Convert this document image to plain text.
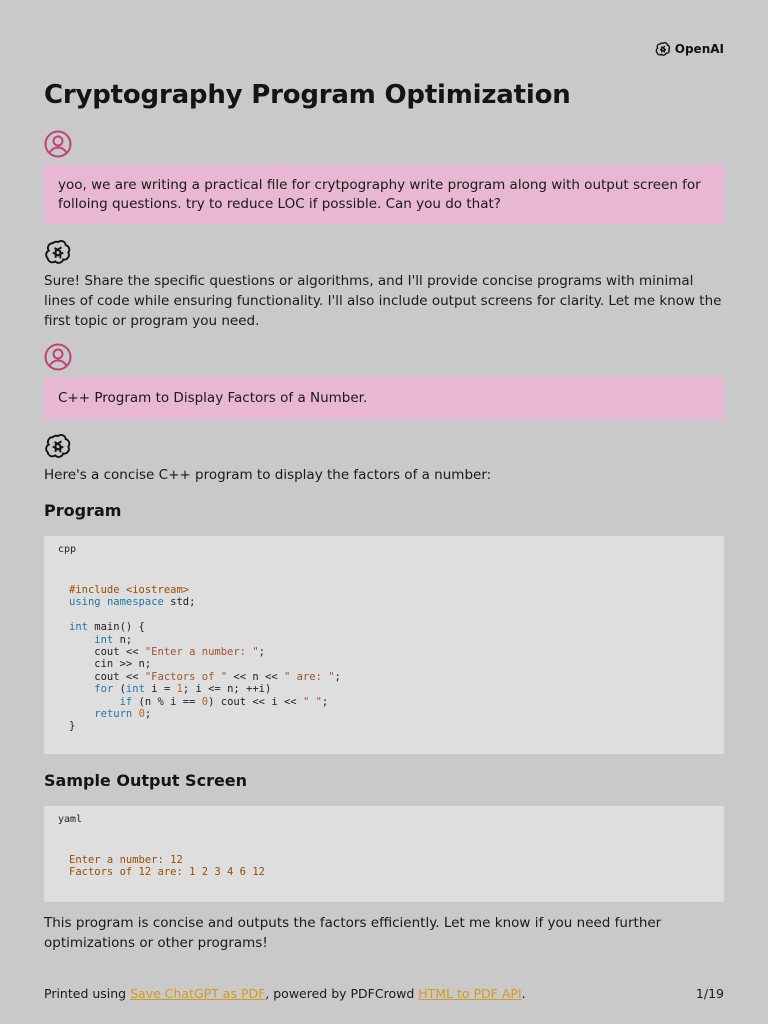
OpenAI
Cryptography Program Optimization
yoo, we are writing a practical file for crytpography write program along with output screen for folloing questions. try to reduce LOC if possible. Can you do that?
Sure! Share the specific questions or algorithms, and I'll provide concise programs with minimal lines of code while ensuring functionality. I'll also include output screens for clarity. Let me know the first topic or program you need.
C++ Program to Display Factors of a Number.
Here's a concise C++ program to display the factors of a number:
Program
cpp
#include <iostream>
using namespace std;

int main() {
int n;
cout << "Enter a number: ";
cin >> n;
cout << "Factors of " << n << " are: ";
for (int i = 1; i <= n; ++i)
if (n % i == 0) cout << i << " ";
return 0;
}
Sample Output Screen
yaml
Enter a number: 12
Factors of 12 are: 1 2 3 4 6 12
This program is concise and outputs the factors efficiently. Let me know if you need further optimizations or other programs!
Printed using Save ChatGPT as PDF, powered by PDFCrowd HTML to PDF API.	1/19
